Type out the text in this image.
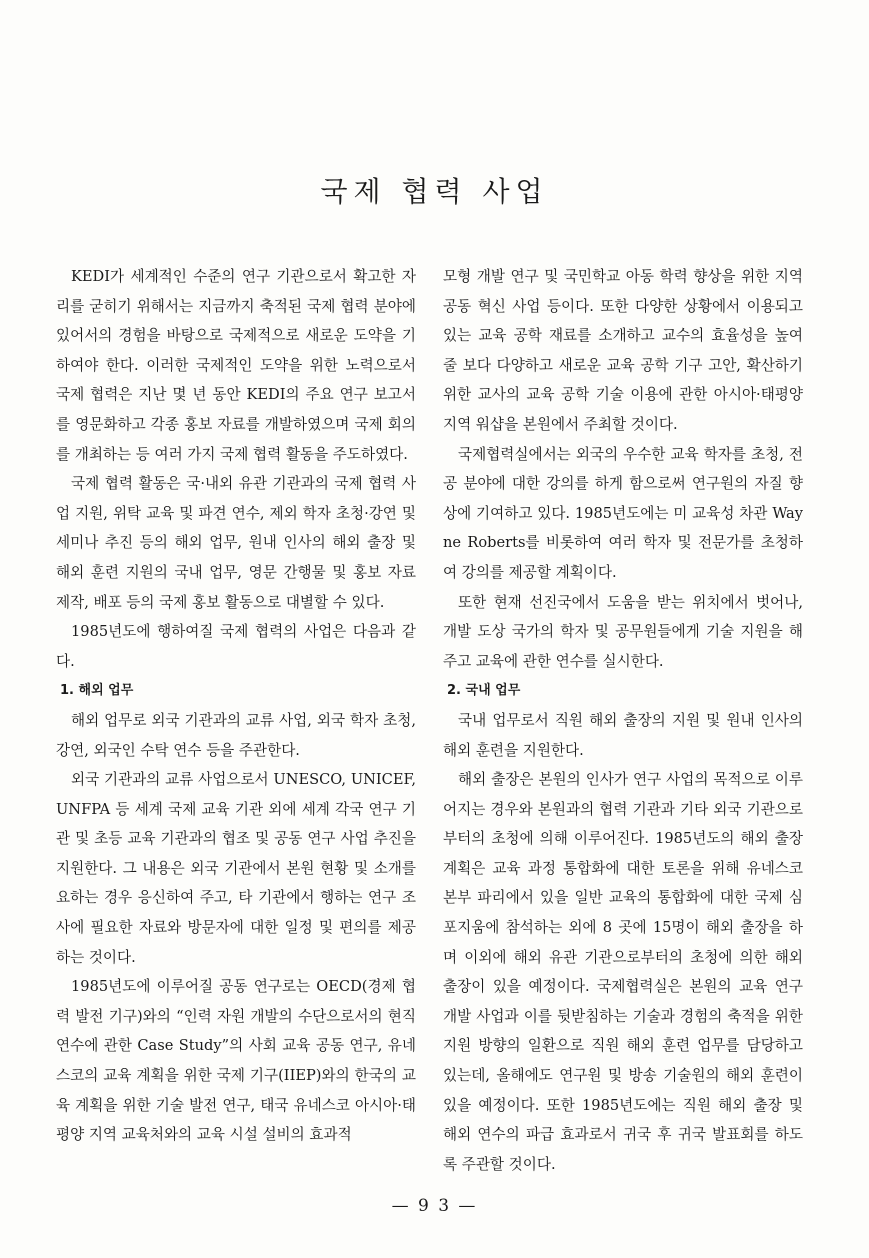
국제 협력 사업

KEDI가 세계적인 수준의 연구 기관으로서 확고한 자리를 굳히기 위해서는 지금까지 축적된 국제 협력 분야에 있어서의 경험을 바탕으로 국제적으로 새로운 도약을 기하여야 한다. 이러한 국제적인 도약을 위한 노력으로서 국제 협력은 지난 몇 년 동안 KEDI의 주요 연구 보고서를 영문화하고 각종 홍보 자료를 개발하였으며 국제 회의를 개최하는 등 여러 가지 국제 협력 활동을 주도하였다.

국제 협력 활동은 국·내외 유관 기관과의 국제 협력 사업 지원, 위탁 교육 및 파견 연수, 제외 학자 초청·강연 및 세미나 추진 등의 해외 업무, 원내 인사의 해외 출장 및 해외 훈련 지원의 국내 업무, 영문 간행물 및 홍보 자료 제작, 배포 등의 국제 홍보 활동으로 대별할 수 있다.

1985년도에 행하여질 국제 협력의 사업은 다음과 같다.

1. 해외 업무

해외 업무로 외국 기관과의 교류 사업, 외국 학자 초청, 강연, 외국인 수탁 연수 등을 주관한다.

외국 기관과의 교류 사업으로서 UNESCO, UNICEF, UNFPA 등 세계 국제 교육 기관 외에 세계 각국 연구 기관 및 초등 교육 기관과의 협조 및 공동 연구 사업 추진을 지원한다. 그 내용은 외국 기관에서 본원 현황 및 소개를 요하는 경우 응신하여 주고, 타 기관에서 행하는 연구 조사에 필요한 자료와 방문자에 대한 일정 및 편의를 제공하는 것이다.

1985년도에 이루어질 공동 연구로는 OECD(경제 협력 발전 기구)와의 “인력 자원 개발의 수단으로서의 현직 연수에 관한 Case Study”의 사회 교육 공동 연구, 유네스코의 교육 계획을 위한 국제 기구(IIEP)와의 한국의 교육 계획을 위한 기술 발전 연구, 태국 유네스코 아시아·태평양 지역 교육처와의 교육 시설 설비의 효과적

모형 개발 연구 및 국민학교 아동 학력 향상을 위한 지역 공동 혁신 사업 등이다. 또한 다양한 상황에서 이용되고 있는 교육 공학 재료를 소개하고 교수의 효율성을 높여 줄 보다 다양하고 새로운 교육 공학 기구 고안, 확산하기 위한 교사의 교육 공학 기술 이용에 관한 아시아·태평양 지역 워샵을 본원에서 주최할 것이다.

국제협력실에서는 외국의 우수한 교육 학자를 초청, 전공 분야에 대한 강의를 하게 함으로써 연구원의 자질 향상에 기여하고 있다. 1985년도에는 미 교육성 차관 Wayne Roberts를 비롯하여 여러 학자 및 전문가를 초청하여 강의를 제공할 계획이다.

또한 현재 선진국에서 도움을 받는 위치에서 벗어나, 개발 도상 국가의 학자 및 공무원들에게 기술 지원을 해 주고 교육에 관한 연수를 실시한다.

2. 국내 업무

국내 업무로서 직원 해외 출장의 지원 및 원내 인사의 해외 훈련을 지원한다.

해외 출장은 본원의 인사가 연구 사업의 목적으로 이루어지는 경우와 본원과의 협력 기관과 기타 외국 기관으로부터의 초청에 의해 이루어진다. 1985년도의 해외 출장 계획은 교육 과정 통합화에 대한 토론을 위해 유네스코 본부 파리에서 있을 일반 교육의 통합화에 대한 국제 심포지움에 참석하는 외에 8 곳에 15명이 해외 출장을 하며 이외에 해외 유관 기관으로부터의 초청에 의한 해외 출장이 있을 예정이다. 국제협력실은 본원의 교육 연구 개발 사업과 이를 뒷받침하는 기술과 경험의 축적을 위한 지원 방향의 일환으로 직원 해외 훈련 업무를 담당하고 있는데, 올해에도 연구원 및 방송 기술원의 해외 훈련이 있을 예정이다. 또한 1985년도에는 직원 해외 출장 및 해외 연수의 파급 효과로서 귀국 후 귀국 발표회를 하도록 주관할 것이다.

— 9 3 —
